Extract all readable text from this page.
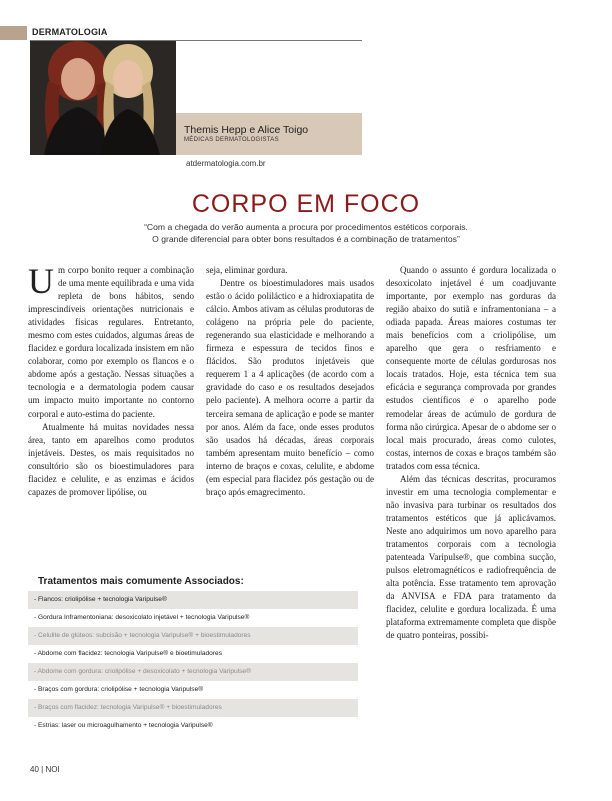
DERMATOLOGIA
Themis Hepp e Alice Toigo
MÉDICAS DERMATOLOGISTAS
atdermatologia.com.br
CORPO EM FOCO
“Com a chegada do verão aumenta a procura por procedimentos estéticos corporais.
O grande diferencial para obter bons resultados é a combinação de tratamentos”

Um corpo bonito requer a combinação de uma mente equilibrada e uma vida repleta de bons hábitos, sendo imprescindíveis orientações nutricionais e atividades físicas regulares. Entretanto, mesmo com estes cuidados, algumas áreas de flacidez e gordura localizada insistem em não colaborar, como por exemplo os flancos e o abdome após a gestação. Nessas situações a tecnologia e a dermatologia podem causar um impacto muito importante no contorno corporal e auto-estima do paciente.

Atualmente há muitas novidades nessa área, tanto em aparelhos como produtos injetáveis. Destes, os mais requisitados no consultório são os bioestimuladores para flacidez e celulite, e as enzimas e ácidos capazes de promover lipólise, ou

seja, eliminar gordura.

Dentre os bioestimuladores mais usados estão o ácido poliláctico e a hidroxiapatita de cálcio. Ambos ativam as células produtoras de colágeno na própria pele do paciente, regenerando sua elasticidade e melhorando a firmeza e espessura de tecidos finos e flácidos. São produtos injetáveis que requerem 1 a 4 aplicações (de acordo com a gravidade do caso e os resultados desejados pelo paciente). A melhora ocorre a partir da terceira semana de aplicação e pode se manter por anos. Além da face, onde esses produtos são usados há décadas, áreas corporais também apresentam muito benefício – como interno de braços e coxas, celulite, e abdome (em especial para flacidez pós gestação ou de braço após emagrecimento.

Quando o assunto é gordura localizada o desoxicolato injetável é um coadjuvante importante, por exemplo nas gorduras da região abaixo do sutiã e inframentoniana – a odiada papada. Áreas maiores costumas ter mais benefícios com a criolipólise, um aparelho que gera o resfriamento e consequente morte de células gordurosas nos locais tratados. Hoje, esta técnica tem sua eficácia e segurança comprovada por grandes estudos científicos e o aparelho pode remodelar áreas de acúmulo de gordura de forma não cirúrgica. Apesar de o abdome ser o local mais procurado, áreas como culotes, costas, internos de coxas e braços também são tratados com essa técnica.

Além das técnicas descritas, procuramos investir em uma tecnologia complementar e não invasiva para turbinar os resultados dos tratamentos estéticos que já aplicávamos. Neste ano adquirimos um novo aparelho para tratamentos corporais com a tecnologia patenteada Varipulse®, que combina sucção, pulsos eletromagnéticos e radiofrequência de alta potência. Esse tratamento tem aprovação da ANVISA e FDA para tratamento da flacidez, celulite e gordura localizada. É uma plataforma extremamente completa que dispõe de quatro ponteiras, possibi-

Tratamentos mais comumente Associados:
- Flancos: criolipólise + tecnologia Varipulse®
- Gordura Inframentoniana: desoxicolato injetável + tecnologia Varipulse®
- Celulite de glúteos: subcisão + tecnologia Varipulse® + bioestimuladores
- Abdome com flacidez: tecnologia Varipulse® e bioetimuladores
- Abdome com gordura: criolipólise + desoxicolato + tecnologia Varipulse®
- Braços com gordura: criolipólise + tecnologia Varipulse®
- Braços com flacidez: tecnologia Varipulse® + bioestimuladores
- Estrias: laser ou microagulhamento + tecnologia Varipulse®
40 | NOI
